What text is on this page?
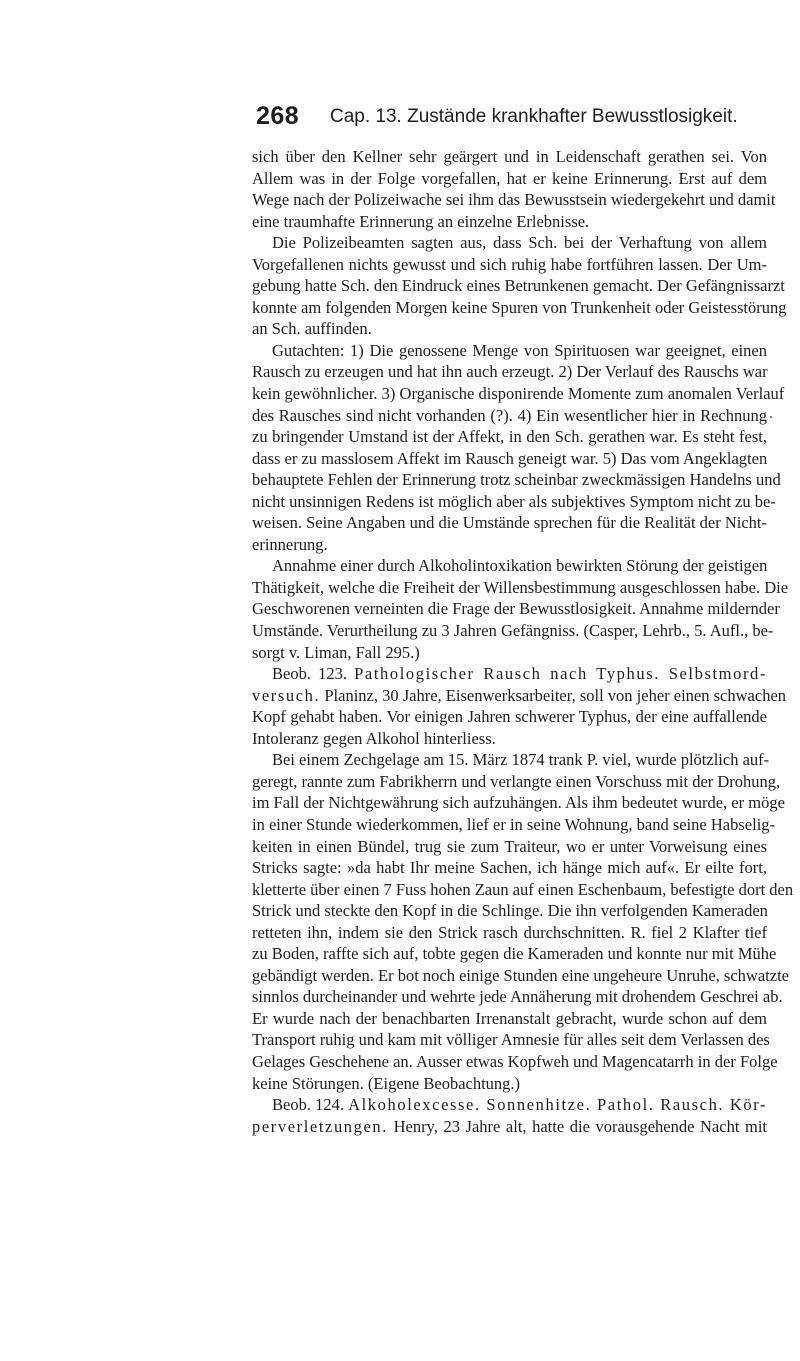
268 Cap. 13. Zustände krankhafter Bewusstlosigkeit.
sich über den Kellner sehr geärgert und in Leidenschaft gerathen sei. Von
Allem was in der Folge vorgefallen, hat er keine Erinnerung. Erst auf dem
Wege nach der Polizeiwache sei ihm das Bewusstsein wiedergekehrt und damit
eine traumhafte Erinnerung an einzelne Erlebnisse.
Die Polizeibeamten sagten aus, dass Sch. bei der Verhaftung von allem
Vorgefallenen nichts gewusst und sich ruhig habe fortführen lassen. Der Um-
gebung hatte Sch. den Eindruck eines Betrunkenen gemacht. Der Gefängnissarzt
konnte am folgenden Morgen keine Spuren von Trunkenheit oder Geistesstörung
an Sch. auffinden.
Gutachten: 1) Die genossene Menge von Spirituosen war geeignet, einen
Rausch zu erzeugen und hat ihn auch erzeugt. 2) Der Verlauf des Rauschs war
kein gewöhnlicher. 3) Organische disponirende Momente zum anomalen Verlauf
des Rausches sind nicht vorhanden (?). 4) Ein wesentlicher hier in Rechnung
zu bringender Umstand ist der Affekt, in den Sch. gerathen war. Es steht fest,
dass er zu masslosem Affekt im Rausch geneigt war. 5) Das vom Angeklagten
behauptete Fehlen der Erinnerung trotz scheinbar zweckmässigen Handelns und
nicht unsinnigen Redens ist möglich aber als subjektives Symptom nicht zu be-
weisen. Seine Angaben und die Umstände sprechen für die Realität der Nicht-
erinnerung.
Annahme einer durch Alkoholintoxikation bewirkten Störung der geistigen
Thätigkeit, welche die Freiheit der Willensbestimmung ausgeschlossen habe. Die
Geschworenen verneinten die Frage der Bewusstlosigkeit. Annahme mildernder
Umstände. Verurtheilung zu 3 Jahren Gefängniss. (Casper, Lehrb., 5. Aufl., be-
sorgt v. Liman, Fall 295.)
Beob. 123. Pathologischer Rausch nach Typhus. Selbstmord-
versuch. Planinz, 30 Jahre, Eisenwerksarbeiter, soll von jeher einen schwachen
Kopf gehabt haben. Vor einigen Jahren schwerer Typhus, der eine auffallende
Intoleranz gegen Alkohol hinterliess.
Bei einem Zechgelage am 15. März 1874 trank P. viel, wurde plötzlich auf-
geregt, rannte zum Fabrikherrn und verlangte einen Vorschuss mit der Drohung,
im Fall der Nichtgewährung sich aufzuhängen. Als ihm bedeutet wurde, er möge
in einer Stunde wiederkommen, lief er in seine Wohnung, band seine Habselig-
keiten in einen Bündel, trug sie zum Traiteur, wo er unter Vorweisung eines
Stricks sagte: »da habt Ihr meine Sachen, ich hänge mich auf«. Er eilte fort,
kletterte über einen 7 Fuss hohen Zaun auf einen Eschenbaum, befestigte dort den
Strick und steckte den Kopf in die Schlinge. Die ihn verfolgenden Kameraden
retteten ihn, indem sie den Strick rasch durchschnitten. R. fiel 2 Klafter tief
zu Boden, raffte sich auf, tobte gegen die Kameraden und konnte nur mit Mühe
gebändigt werden. Er bot noch einige Stunden eine ungeheure Unruhe, schwatzte
sinnlos durcheinander und wehrte jede Annäherung mit drohendem Geschrei ab.
Er wurde nach der benachbarten Irrenanstalt gebracht, wurde schon auf dem
Transport ruhig und kam mit völliger Amnesie für alles seit dem Verlassen des
Gelages Geschehene an. Ausser etwas Kopfweh und Magencatarrh in der Folge
keine Störungen. (Eigene Beobachtung.)
Beob. 124. Alkoholexcesse. Sonnenhitze. Pathol. Rausch. Kör-
perverletzungen. Henry, 23 Jahre alt, hatte die vorausgehende Nacht mit
